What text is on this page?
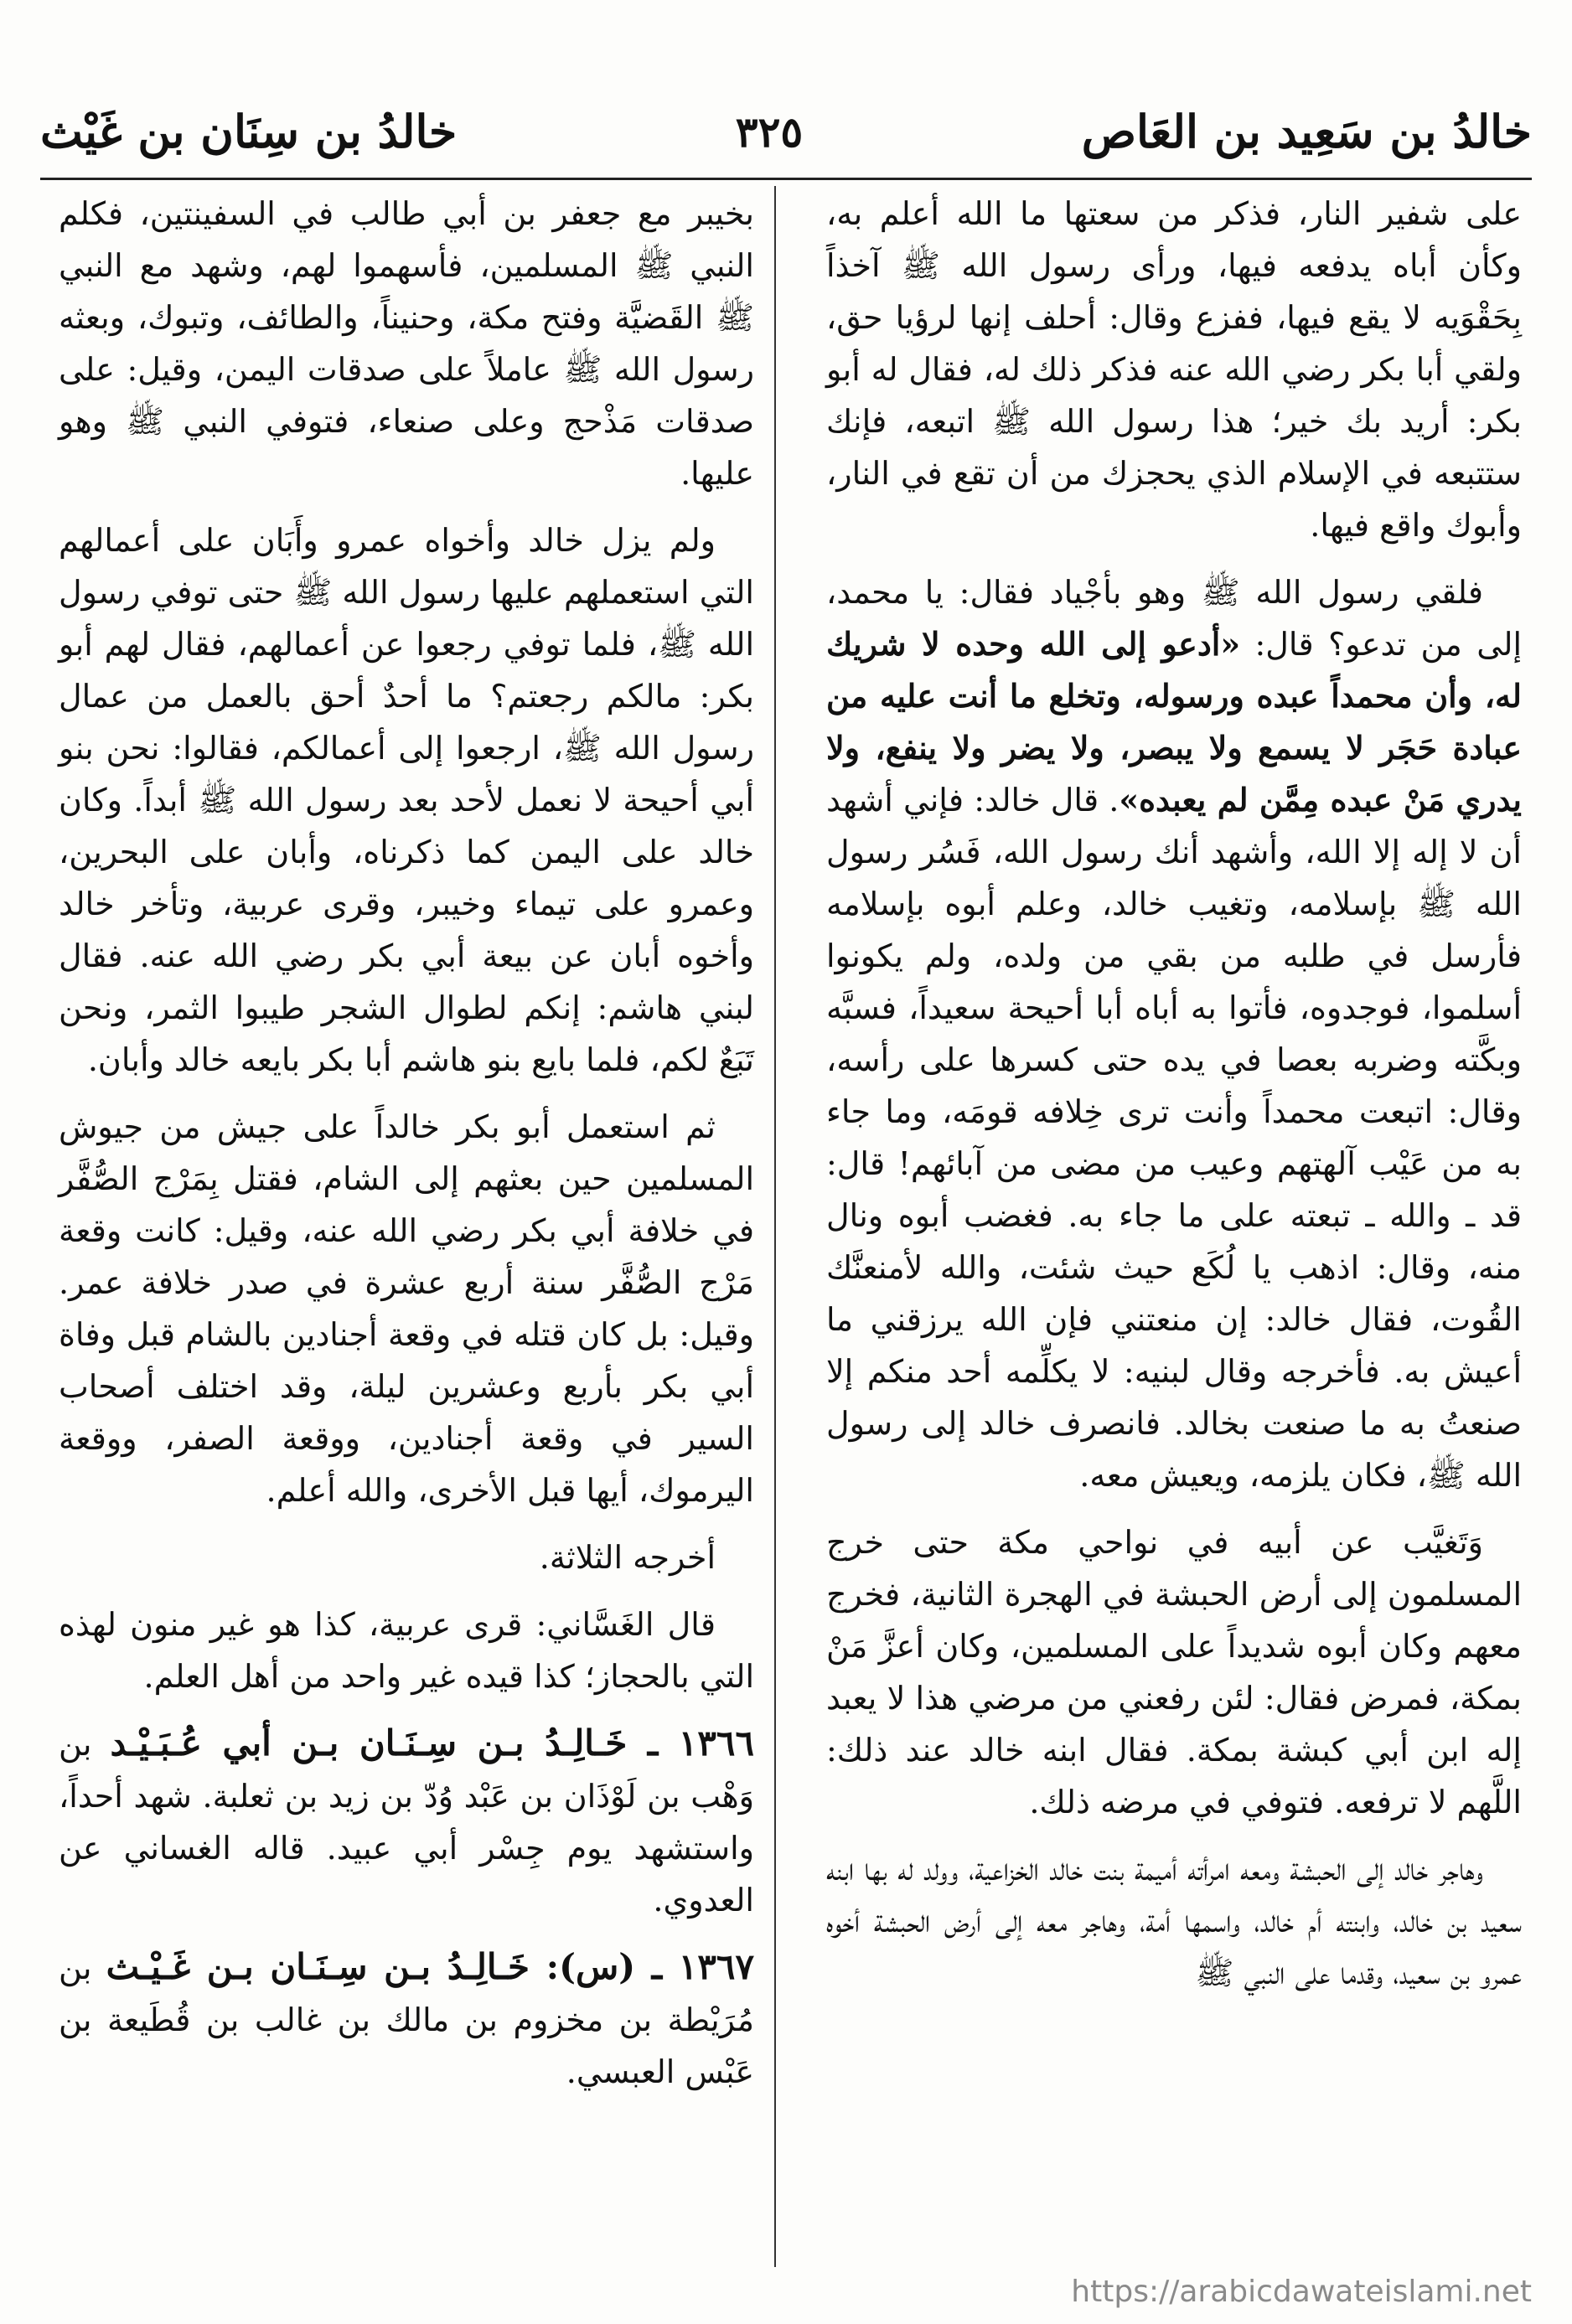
خالدُ بن سَعِيد بن العَاص
٣٢٥
خالدُ بن سِنَان بن غَيْث

على شفير النار، فذكر من سعتها ما الله أعلم به، وكأن أباه يدفعه فيها، ورأى رسول الله ﷺ آخذاً بِحَقْوَيه لا يقع فيها، ففزع وقال: أحلف إنها لرؤيا حق، ولقي أبا بكر رضي الله عنه فذكر ذلك له، فقال له أبو بكر: أريد بك خير؛ هذا رسول الله ﷺ اتبعه، فإنك ستتبعه في الإسلام الذي يحجزك من أن تقع في النار، وأبوك واقع فيها.

فلقي رسول الله ﷺ وهو بأجْياد فقال: يا محمد، إلى من تدعو؟ قال: «أدعو إلى الله وحده لا شريك له، وأن محمداً عبده ورسوله، وتخلع ما أنت عليه من عبادة حَجَر لا يسمع ولا يبصر، ولا يضر ولا ينفع، ولا يدري مَنْ عبده مِمَّن لم يعبده». قال خالد: فإني أشهد أن لا إله إلا الله، وأشهد أنك رسول الله، فَسُر رسول الله ﷺ بإسلامه، وتغيب خالد، وعلم أبوه بإسلامه فأرسل في طلبه من بقي من ولده، ولم يكونوا أسلموا، فوجدوه، فأتوا به أباه أبا أحيحة سعيداً، فسبَّه وبكَّته وضربه بعصا في يده حتى كسرها على رأسه، وقال: اتبعت محمداً وأنت ترى خِلافه قومَه، وما جاء به من عَيْب آلهتهم وعيب من مضى من آبائهم! قال: قد ـ والله ـ تبعته على ما جاء به. فغضب أبوه ونال منه، وقال: اذهب يا لُكَع حيث شئت، والله لأمنعنَّك القُوت، فقال خالد: إن منعتني فإن الله يرزقني ما أعيش به. فأخرجه وقال لبنيه: لا يكلِّمه أحد منكم إلا صنعتُ به ما صنعت بخالد. فانصرف خالد إلى رسول الله ﷺ، فكان يلزمه، ويعيش معه.

وَتَغيَّب عن أبيه في نواحي مكة حتى خرج المسلمون إلى أرض الحبشة في الهجرة الثانية، فخرج معهم وكان أبوه شديداً على المسلمين، وكان أعزَّ مَنْ بمكة، فمرض فقال: لئن رفعني من مرضي هذا لا يعبد إله ابن أبي كبشة بمكة. فقال ابنه خالد عند ذلك: اللَّهم لا ترفعه. فتوفي في مرضه ذلك.

وهاجر خالد إلى الحبشة ومعه امرأته أميمة بنت خالد الخزاعية، وولد له بها ابنه سعيد بن خالد، وابنته أم خالد، واسمها أمة، وهاجر معه إلى أرض الحبشة أخوه عمرو بن سعيد، وقدما على النبي ﷺ

بخيبر مع جعفر بن أبي طالب في السفينتين، فكلم النبي ﷺ المسلمين، فأسهموا لهم، وشهد مع النبي ﷺ القَضيَّة وفتح مكة، وحنيناً، والطائف، وتبوك، وبعثه رسول الله ﷺ عاملاً على صدقات اليمن، وقيل: على صدقات مَذْحج وعلى صنعاء، فتوفي النبي ﷺ وهو عليها.

ولم يزل خالد وأخواه عمرو وأَبَان على أعمالهم التي استعملهم عليها رسول الله ﷺ حتى توفي رسول الله ﷺ، فلما توفي رجعوا عن أعمالهم، فقال لهم أبو بكر: مالكم رجعتم؟ ما أحدٌ أحق بالعمل من عمال رسول الله ﷺ، ارجعوا إلى أعمالكم، فقالوا: نحن بنو أبي أحيحة لا نعمل لأحد بعد رسول الله ﷺ أبداً. وكان خالد على اليمن كما ذكرناه، وأبان على البحرين، وعمرو على تيماء وخيبر، وقرى عربية، وتأخر خالد وأخوه أبان عن بيعة أبي بكر رضي الله عنه. فقال لبني هاشم: إنكم لطوال الشجر طيبوا الثمر، ونحن تَبَعٌ لكم، فلما بايع بنو هاشم أبا بكر بايعه خالد وأبان.

ثم استعمل أبو بكر خالداً على جيش من جيوش المسلمين حين بعثهم إلى الشام، فقتل بِمَرْج الصُّفَّر في خلافة أبي بكر رضي الله عنه، وقيل: كانت وقعة مَرْج الصُّفَّر سنة أربع عشرة في صدر خلافة عمر. وقيل: بل كان قتله في وقعة أجنادين بالشام قبل وفاة أبي بكر بأربع وعشرين ليلة، وقد اختلف أصحاب السير في وقعة أجنادين، ووقعة الصفر، ووقعة اليرموك، أيها قبل الأخرى، والله أعلم.

أخرجه الثلاثة.

قال الغَسَّاني: قرى عربية، كذا هو غير منون لهذه التي بالحجاز؛ كذا قيده غير واحد من أهل العلم.

١٣٦٦ ـ خَـالِـدُ بـن سِـنَـان بـن أبي عُـبَـيْـد بن وَهْب بن لَوْذَان بن عَبْد وُدّ بن زيد بن ثعلبة. شهد أحداً، واستشهد يوم جِسْر أبي عبيد. قاله الغساني عن العدوي.

١٣٦٧ ـ (س): خَـالِـدُ بـن سِـنَـان بـن غَـيْـث بن مُرَيْطة بن مخزوم بن مالك بن غالب بن قُطَيعة بن عَبْس العبسي.

https://arabicdawateislami.net
